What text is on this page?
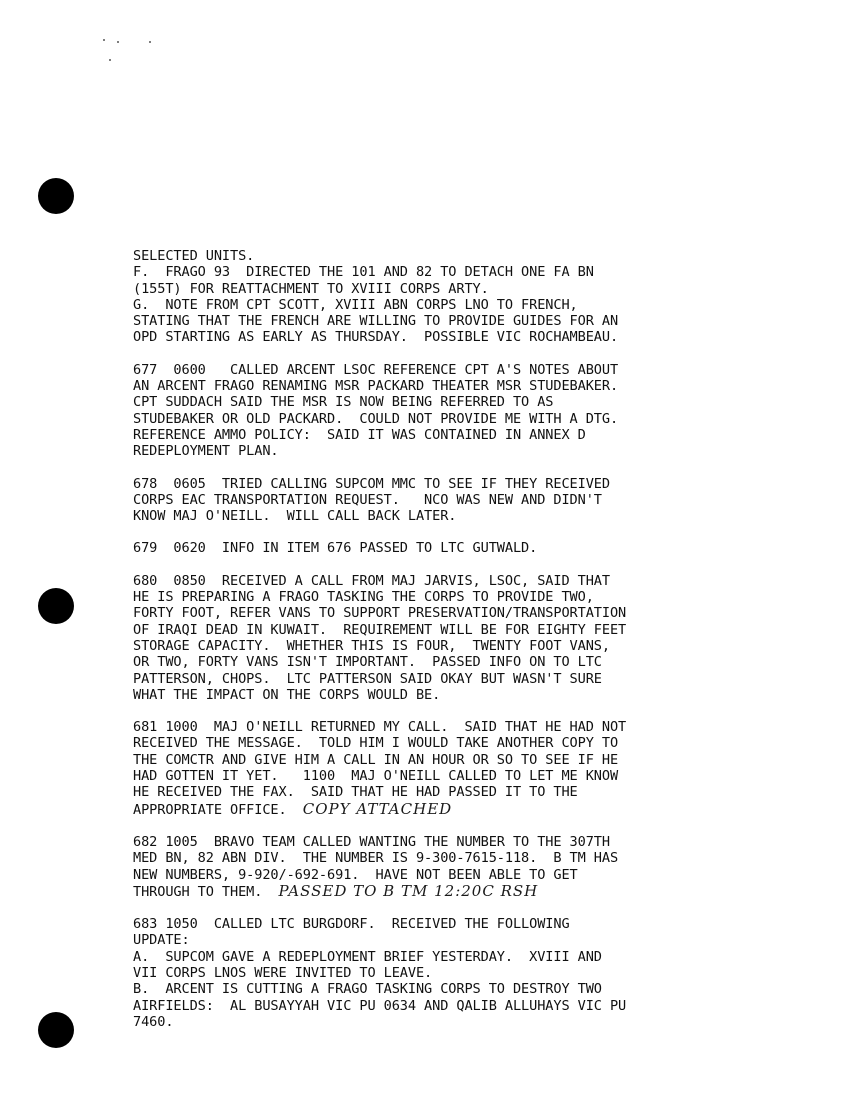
SELECTED UNITS.
F.  FRAGO 93  DIRECTED THE 101 AND 82 TO DETACH ONE FA BN
(155T) FOR REATTACHMENT TO XVIII CORPS ARTY.
G.  NOTE FROM CPT SCOTT, XVIII ABN CORPS LNO TO FRENCH,
STATING THAT THE FRENCH ARE WILLING TO PROVIDE GUIDES FOR AN
OPD STARTING AS EARLY AS THURSDAY.  POSSIBLE VIC ROCHAMBEAU.
677  0600   CALLED ARCENT LSOC REFERENCE CPT A'S NOTES ABOUT
AN ARCENT FRAGO RENAMING MSR PACKARD THEATER MSR STUDEBAKER.
CPT SUDDACH SAID THE MSR IS NOW BEING REFERRED TO AS
STUDEBAKER OR OLD PACKARD.  COULD NOT PROVIDE ME WITH A DTG.
REFERENCE AMMO POLICY:  SAID IT WAS CONTAINED IN ANNEX D
REDEPLOYMENT PLAN.
678  0605  TRIED CALLING SUPCOM MMC TO SEE IF THEY RECEIVED
CORPS EAC TRANSPORTATION REQUEST.   NCO WAS NEW AND DIDN'T
KNOW MAJ O'NEILL.  WILL CALL BACK LATER.
679  0620  INFO IN ITEM 676 PASSED TO LTC GUTWALD.
680  0850  RECEIVED A CALL FROM MAJ JARVIS, LSOC, SAID THAT
HE IS PREPARING A FRAGO TASKING THE CORPS TO PROVIDE TWO,
FORTY FOOT, REFER VANS TO SUPPORT PRESERVATION/TRANSPORTATION
OF IRAQI DEAD IN KUWAIT.  REQUIREMENT WILL BE FOR EIGHTY FEET
STORAGE CAPACITY.  WHETHER THIS IS FOUR,  TWENTY FOOT VANS,
OR TWO, FORTY VANS ISN'T IMPORTANT.  PASSED INFO ON TO LTC
PATTERSON, CHOPS.  LTC PATTERSON SAID OKAY BUT WASN'T SURE
WHAT THE IMPACT ON THE CORPS WOULD BE.
681 1000  MAJ O'NEILL RETURNED MY CALL.  SAID THAT HE HAD NOT
RECEIVED THE MESSAGE.  TOLD HIM I WOULD TAKE ANOTHER COPY TO
THE COMCTR AND GIVE HIM A CALL IN AN HOUR OR SO TO SEE IF HE
HAD GOTTEN IT YET.   1100  MAJ O'NEILL CALLED TO LET ME KNOW
HE RECEIVED THE FAX.  SAID THAT HE HAD PASSED IT TO THE
APPROPRIATE OFFICE. COPY ATTACHED
682 1005  BRAVO TEAM CALLED WANTING THE NUMBER TO THE 307TH
MED BN, 82 ABN DIV.  THE NUMBER IS 9-300-7615-118.  B TM HAS
NEW NUMBERS, 9-920/-692-691.  HAVE NOT BEEN ABLE TO GET
THROUGH TO THEM. PASSED TO B TM 12:20C RSH
683 1050  CALLED LTC BURGDORF.  RECEIVED THE FOLLOWING
UPDATE:
A.  SUPCOM GAVE A REDEPLOYMENT BRIEF YESTERDAY.  XVIII AND
VII CORPS LNOS WERE INVITED TO LEAVE.
B.  ARCENT IS CUTTING A FRAGO TASKING CORPS TO DESTROY TWO
AIRFIELDS:  AL BUSAYYAH VIC PU 0634 AND QALIB ALLUHAYS VIC PU
7460.
